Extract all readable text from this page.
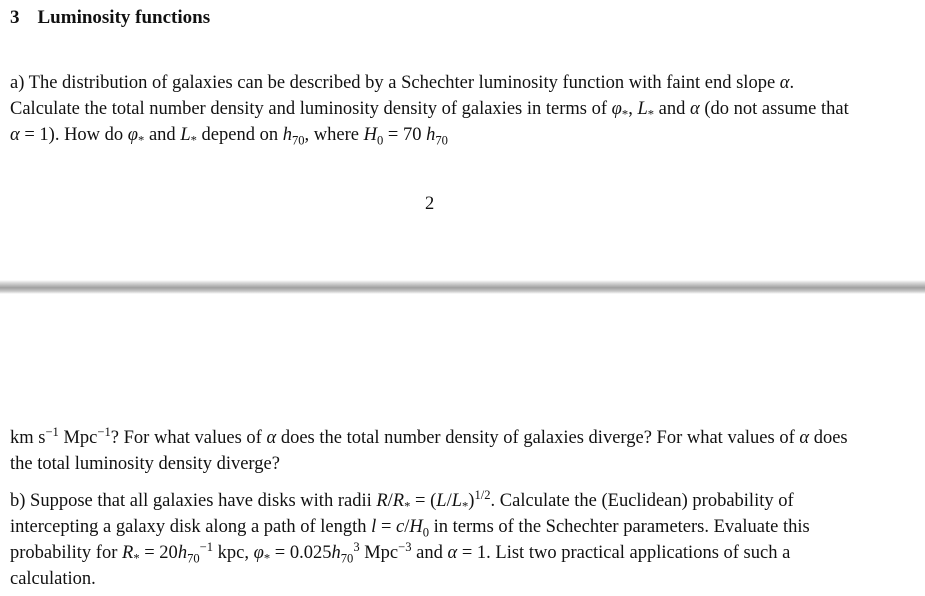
3 Luminosity functions

a) The distribution of galaxies can be described by a Schechter luminosity function with faint end slope α. Calculate the total number density and luminosity density of galaxies in terms of $\varphi_*$, $L_*$ and α (do not assume that α = 1). How do $\varphi_*$ and $L_*$ depend on $h_{70}$, where $H_0 = 70$ $h_{70}$

2

km $s^{-1}$ Mpc$^{-1}$? For what values of α does the total number density of galaxies diverge? For what values of α does the total luminosity density diverge?

b) Suppose that all galaxies have disks with radii $R/R_* = (L/L_*)^{1/2}$. Calculate the (Euclidean) probability of intercepting a galaxy disk along a path of length $l = c/H_0$ in terms of the Schechter parameters. Evaluate this probability for $R_* = 20h_{70}^{-1}$ kpc, $\varphi_* = 0.025h_{70}^3$ Mpc$^{-3}$ and α = 1. List two practical applications of such a calculation.
